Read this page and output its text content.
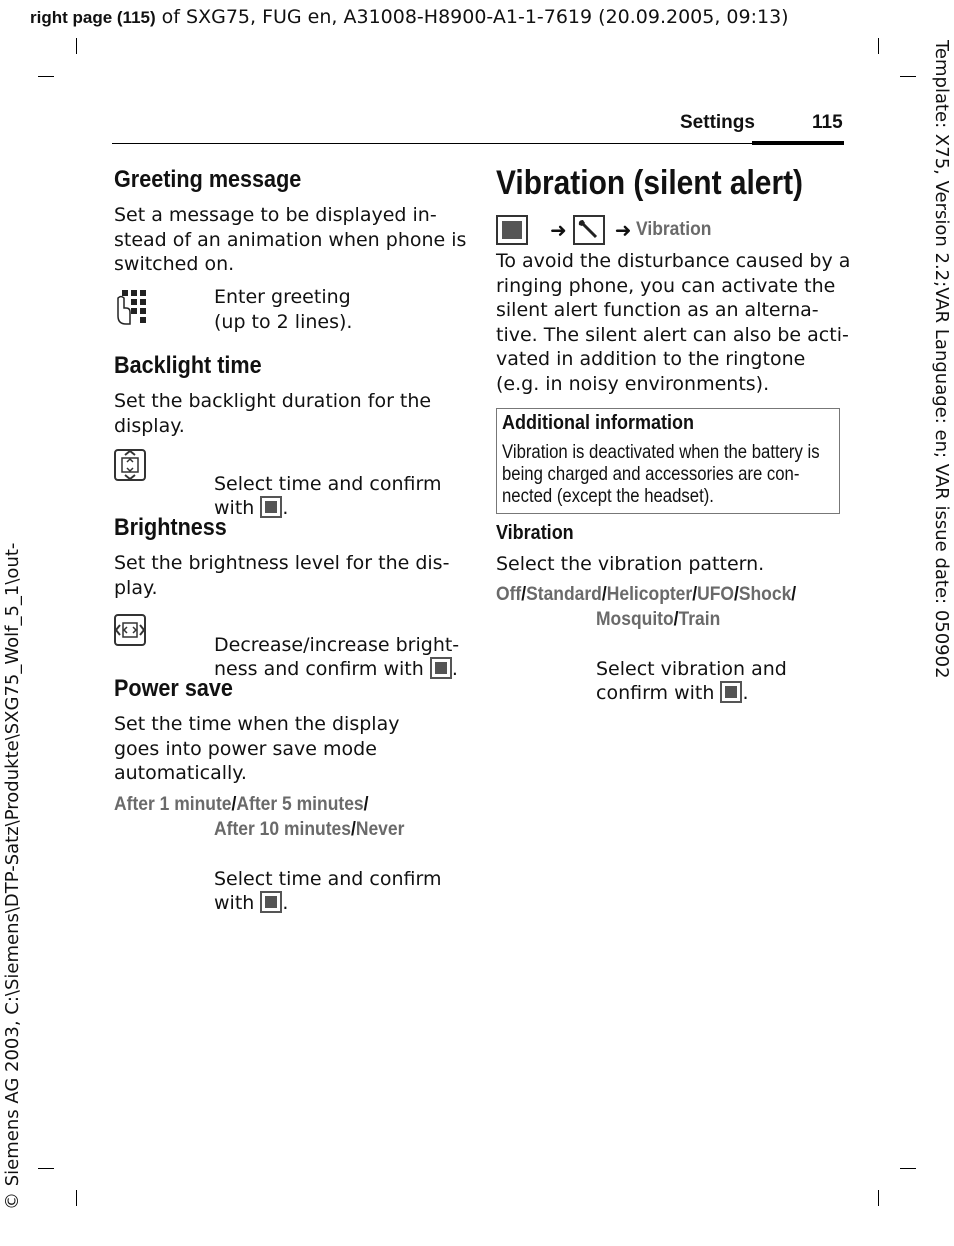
right page (115) of SXG75, FUG en, A31008-H8900-A1-1-7619 (20.09.2005, 09:13)
Template: X75, Version 2.2;VAR Language: en; VAR issue date: 050902
© Siemens AG 2003, C:\Siemens\DTP-Satz\Produkte\SXG75_Wolf_5_1\out-
Settings	115
Greeting message
Set a message to be displayed in-
stead of an animation when phone is
switched on.
Enter greeting
(up to 2 lines).
Backlight time
Set the backlight duration for the
display.

Select time and confirm
with .

Brightness
Set the brightness level for the dis-
play.

Decrease/increase bright-
ness and confirm with .

Power save
Set the time when the display
goes into power save mode
automatically.
After 1 minute/After 5 minutes/
After 10 minutes/Never

Select time and confirm
with .

Vibration (silent alert)
➜ ➜ Vibration
To avoid the disturbance caused by a
ringing phone, you can activate the
silent alert function as an alterna-
tive. The silent alert can also be acti-
vated in addition to the ringtone
(e.g. in noisy environments).
Additional information
Vibration is deactivated when the battery is
being charged and accessories are con-
nected (except the headset).
Vibration
Select the vibration pattern.
Off/Standard/Helicopter/UFO/Shock/
Mosquito/Train

Select vibration and
confirm with .
